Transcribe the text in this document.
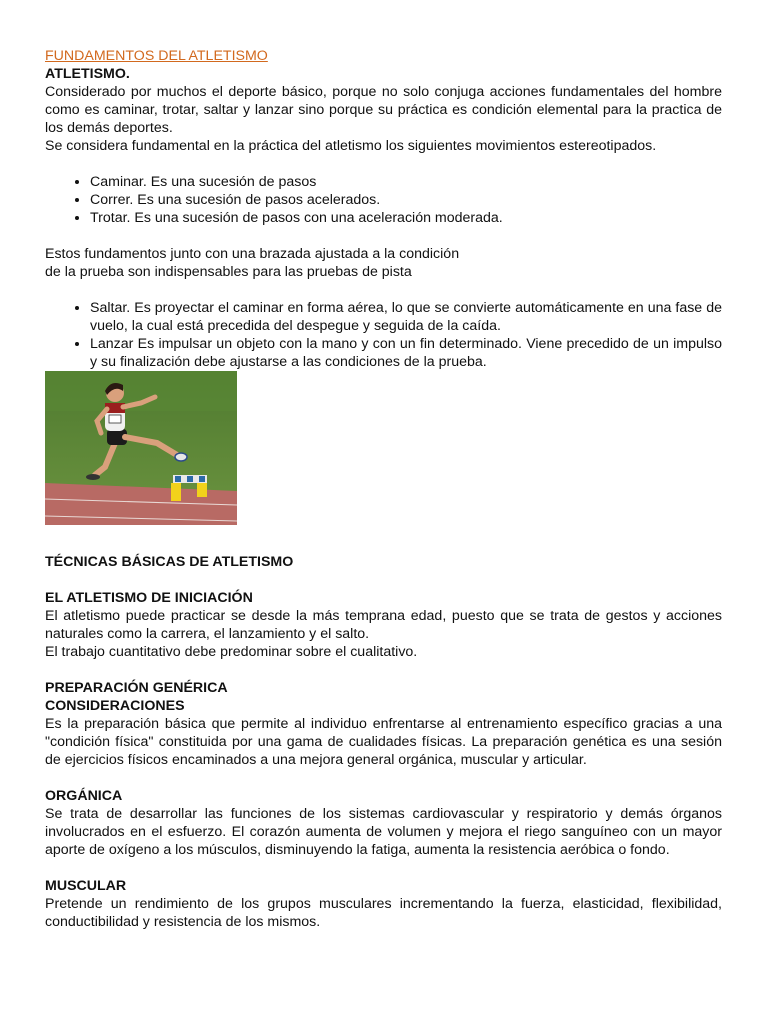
FUNDAMENTOS DEL ATLETISMO
ATLETISMO.

Considerado por muchos el deporte básico, porque no solo conjuga acciones fundamentales del hombre como es caminar, trotar, saltar y lanzar sino porque su práctica es condición elemental para la practica de los demás deportes.

Se considera fundamental en la práctica del atletismo los siguientes movimientos estereotipados.

• Caminar. Es una sucesión de pasos
• Correr. Es una sucesión de pasos acelerados.
• Trotar. Es una sucesión de pasos con una aceleración moderada.

Estos fundamentos junto con una brazada ajustada a la condición
de la prueba son indispensables para las pruebas de pista

• Saltar. Es proyectar el caminar en forma aérea, lo que se convierte automáticamente en una fase de vuelo, la cual está precedida del despegue y seguida de la caída.
• Lanzar Es impulsar un objeto con la mano y con un fin determinado. Viene precedido de un impulso y su finalización debe ajustarse a las condiciones de la prueba.
TÉCNICAS BÁSICAS DE ATLETISMO
EL ATLETISMO DE INICIACIÓN

El atletismo puede practicar se desde la más temprana edad, puesto que se trata de gestos y acciones naturales como la carrera, el lanzamiento y el salto.

El trabajo cuantitativo debe predominar sobre el cualitativo.

PREPARACIÓN GENÉRICA
CONSIDERACIONES

Es la preparación básica que permite al individuo enfrentarse al entrenamiento específico gracias a una "condición física" constituida por una gama de cualidades físicas. La preparación genética es una sesión de ejercicios físicos encaminados a una mejora general orgánica, muscular y articular.

ORGÁNICA

Se trata de desarrollar las funciones de los sistemas cardiovascular y respiratorio y demás órganos involucrados en el esfuerzo. El corazón aumenta de volumen y mejora el riego sanguíneo con un mayor aporte de oxígeno a los músculos, disminuyendo la fatiga, aumenta la resistencia aeróbica o fondo.

MUSCULAR

Pretende un rendimiento de los grupos musculares incrementando la fuerza, elasticidad, flexibilidad, conductibilidad y resistencia de los mismos.
